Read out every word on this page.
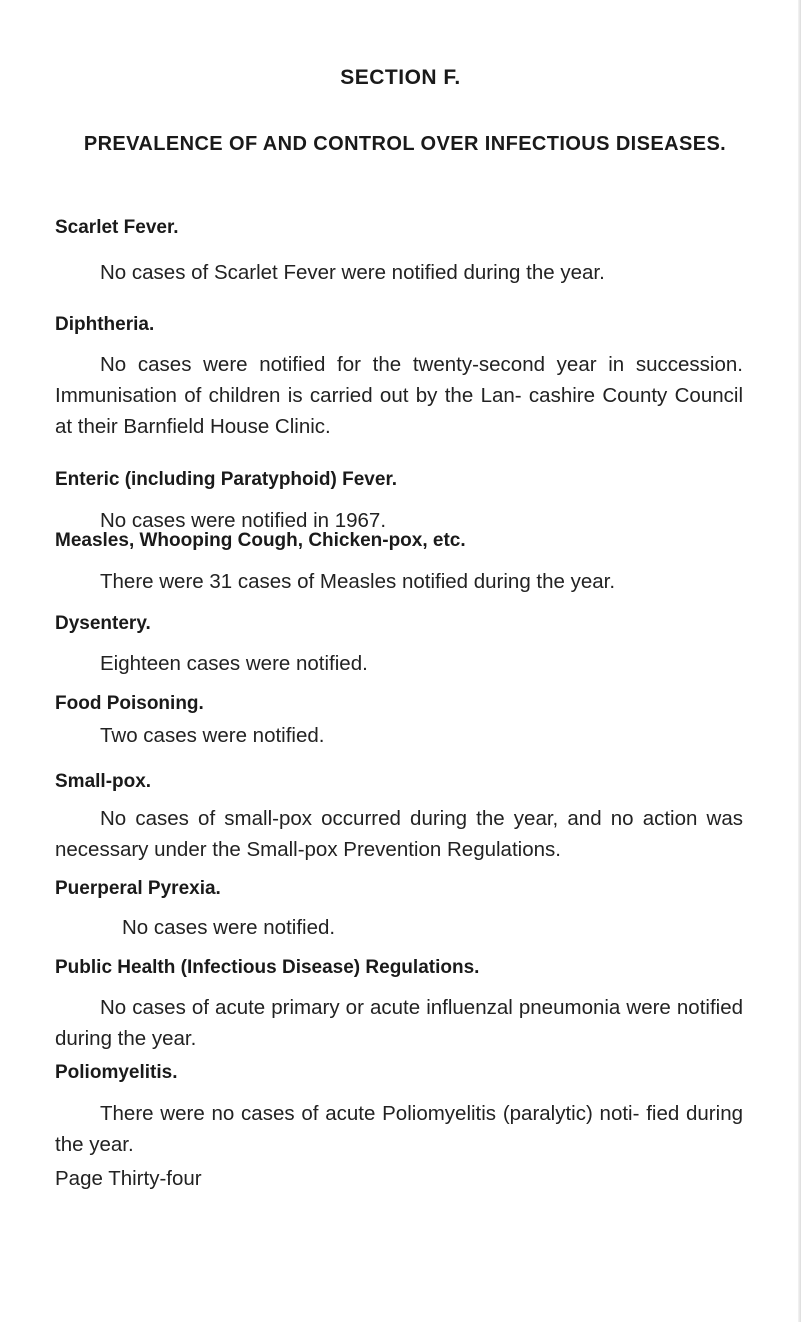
SECTION F.
PREVALENCE OF AND CONTROL OVER INFECTIOUS DISEASES.
Scarlet Fever.

No cases of Scarlet Fever were notified during the year.

Diphtheria.

No cases were notified for the twenty-second year in succession. Immunisation of children is carried out by the Lan- cashire County Council at their Barnfield House Clinic.

Enteric (including Paratyphoid) Fever.

No cases were notified in 1967.

Measles, Whooping Cough, Chicken-pox, etc.

There were 31 cases of Measles notified during the year.

Dysentery.

Eighteen cases were notified.

Food Poisoning.

Two cases were notified.

Small-pox.

No cases of small-pox occurred during the year, and no action was necessary under the Small-pox Prevention Regulations.

Puerperal Pyrexia.

No cases were notified.

Public Health (Infectious Disease) Regulations.

No cases of acute primary or acute influenzal pneumonia were notified during the year.

Poliomyelitis.

There were no cases of acute Poliomyelitis (paralytic) noti- fied during the year.

Page Thirty-four
